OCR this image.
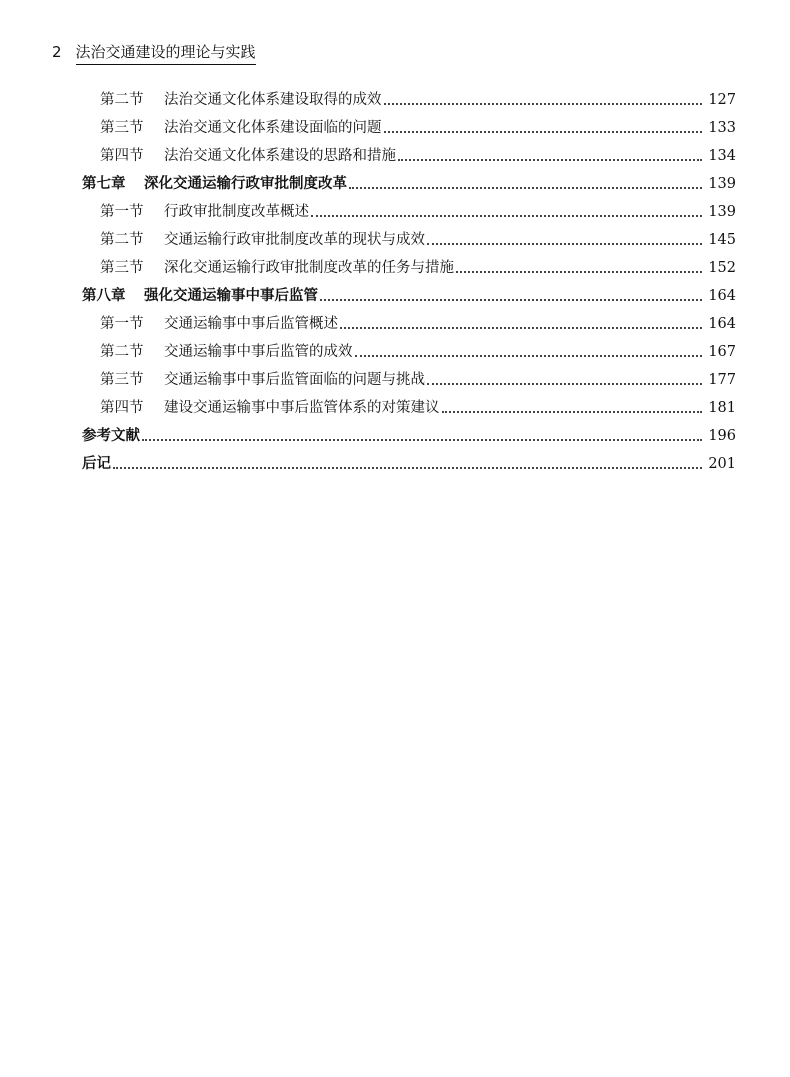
2 法治交通建设的理论与实践
第二节 法治交通文化体系建设取得的成效	127
第三节 法治交通文化体系建设面临的问题	133
第四节 法治交通文化体系建设的思路和措施	134
第七章 深化交通运输行政审批制度改革	139
第一节 行政审批制度改革概述	139
第二节 交通运输行政审批制度改革的现状与成效	145
第三节 深化交通运输行政审批制度改革的任务与措施	152
第八章 强化交通运输事中事后监管	164
第一节 交通运输事中事后监管概述	164
第二节 交通运输事中事后监管的成效	167
第三节 交通运输事中事后监管面临的问题与挑战	177
第四节 建设交通运输事中事后监管体系的对策建议	181
参考文献	196
后记	201
